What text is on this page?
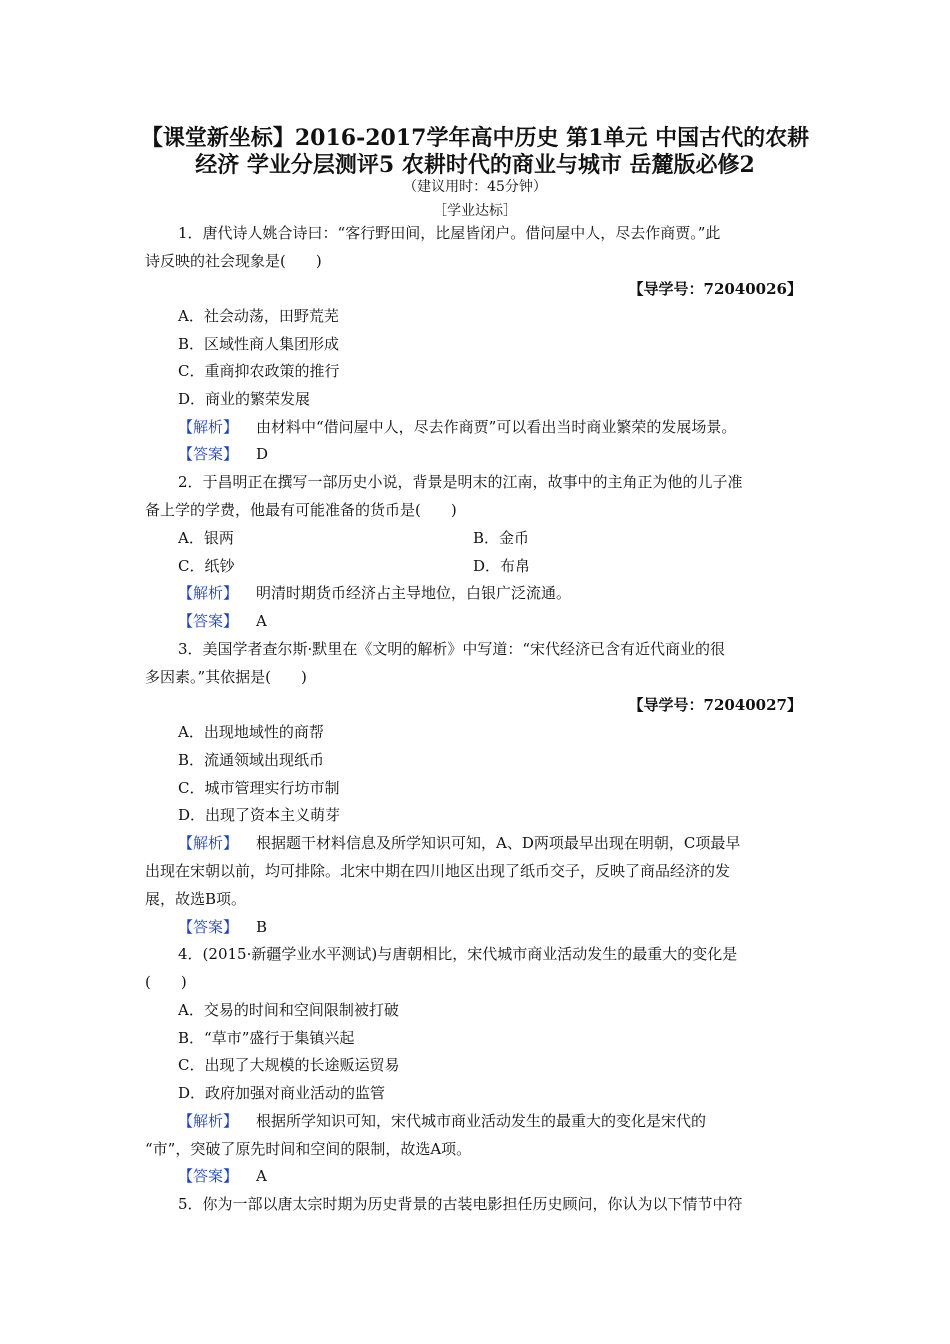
【课堂新坐标】2016-2017学年高中历史 第1单元 中国古代的农耕
经济 学业分层测评5 农耕时代的商业与城市 岳麓版必修2
（建议用时：45分钟）
［学业达标］
1．唐代诗人姚合诗曰：“客行野田间，比屋皆闭户。借问屋中人，尽去作商贾。”此
诗反映的社会现象是(　　)
【导学号：72040026】
A．社会动荡，田野荒芜
B．区域性商人集团形成
C．重商抑农政策的推行
D．商业的繁荣发展
【解析】 由材料中“借问屋中人，尽去作商贾”可以看出当时商业繁荣的发展场景。
【答案】 D
2．于昌明正在撰写一部历史小说，背景是明末的江南，故事中的主角正为他的儿子准
备上学的学费，他最有可能准备的货币是(　　)
A．银两	B．金币
C．纸钞	D．布帛
【解析】 明清时期货币经济占主导地位，白银广泛流通。
【答案】 A
3．美国学者查尔斯·默里在《文明的解析》中写道：“宋代经济已含有近代商业的很
多因素。”其依据是(　　)
【导学号：72040027】
A．出现地域性的商帮
B．流通领域出现纸币
C．城市管理实行坊市制
D．出现了资本主义萌芽
【解析】 根据题干材料信息及所学知识可知，A、D两项最早出现在明朝，C项最早
出现在宋朝以前，均可排除。北宋中期在四川地区出现了纸币交子，反映了商品经济的发
展，故选B项。
【答案】 B
4．(2015·新疆学业水平测试)与唐朝相比，宋代城市商业活动发生的最重大的变化是
(　　)
A．交易的时间和空间限制被打破
B．“草市”盛行于集镇兴起
C．出现了大规模的长途贩运贸易
D．政府加强对商业活动的监管
【解析】 根据所学知识可知，宋代城市商业活动发生的最重大的变化是宋代的
“市”，突破了原先时间和空间的限制，故选A项。
【答案】 A
5．你为一部以唐太宗时期为历史背景的古装电影担任历史顾问，你认为以下情节中符
